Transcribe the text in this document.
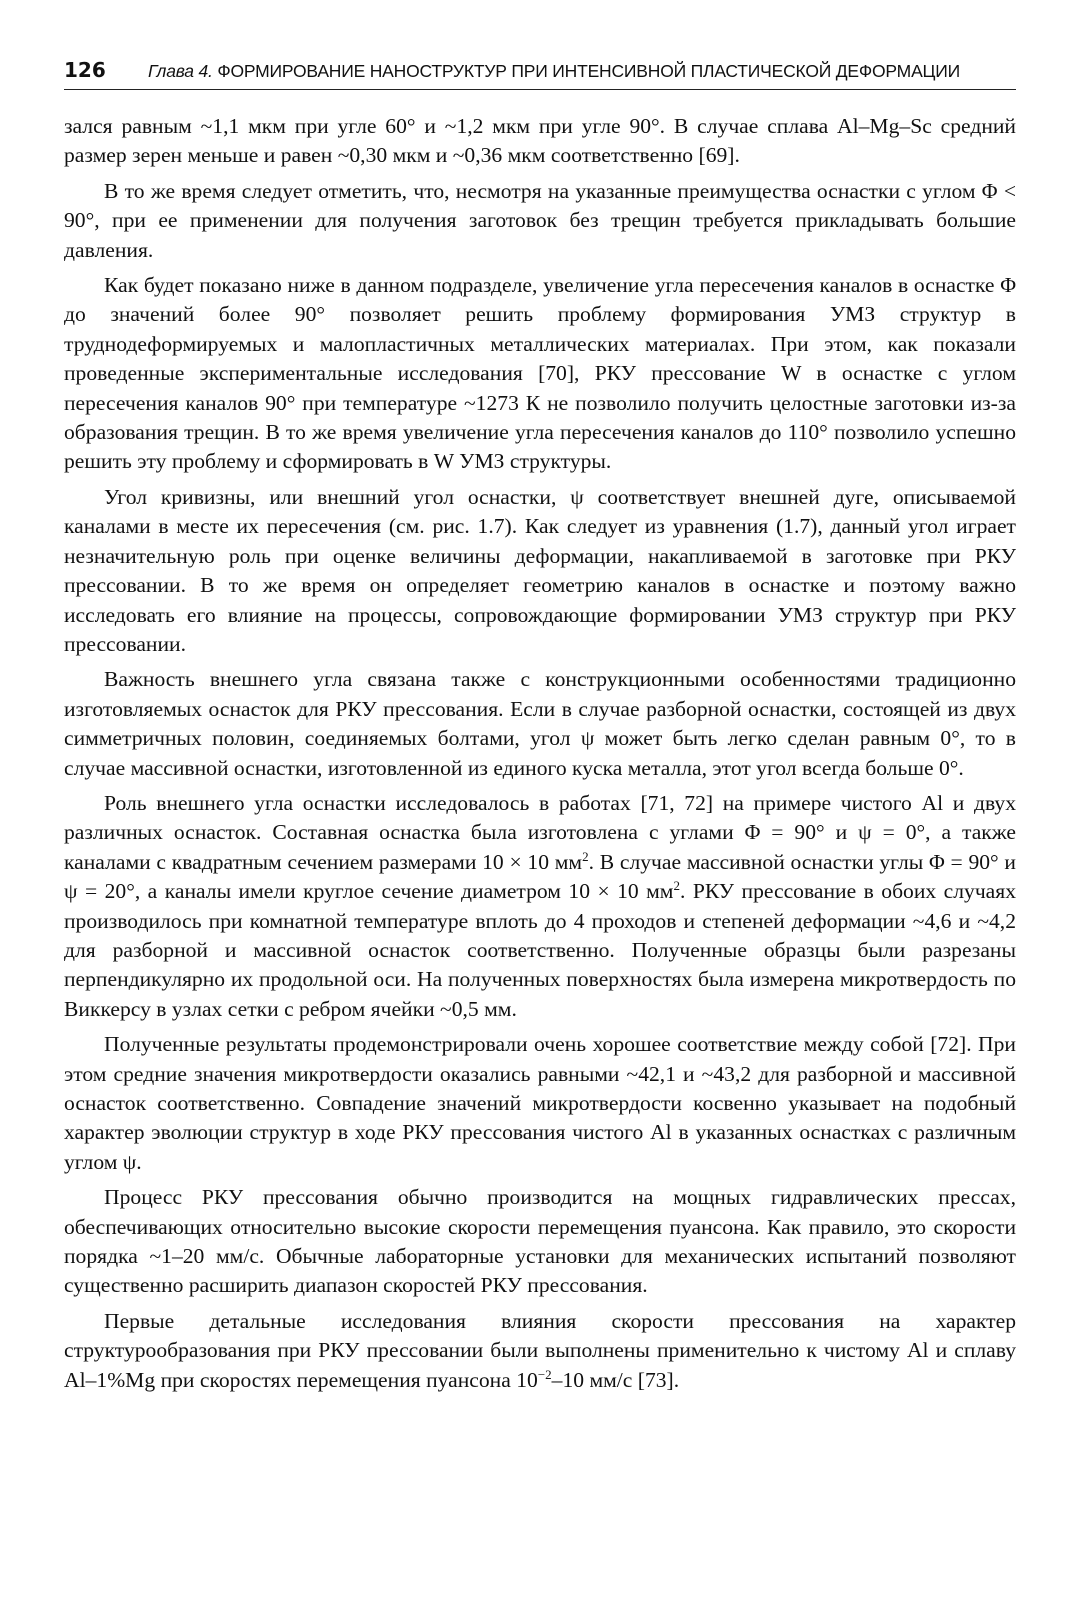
126	Глава 4. ФОРМИРОВАНИЕ НАНОСТРУКТУР ПРИ ИНТЕНСИВНОЙ ПЛАСТИЧЕСКОЙ ДЕФОРМАЦИИ

зался равным ~1,1 мкм при угле 60° и ~1,2 мкм при угле 90°. В случае сплава Al–Mg–Sc средний размер зерен меньше и равен ~0,30 мкм и ~0,36 мкм соответственно [69].

В то же время следует отметить, что, несмотря на указанные преимущества оснастки с углом Φ < 90°, при ее применении для получения заготовок без трещин требуется прикладывать большие давления.

Как будет показано ниже в данном подразделе, увеличение угла пересечения каналов в оснастке Φ до значений более 90° позволяет решить проблему формирования УМЗ структур в труднодеформируемых и малопластичных металлических материалах. При этом, как показали проведенные экспериментальные исследования [70], РКУ прессование W в оснастке с углом пересечения каналов 90° при температуре ~1273 К не позволило получить целостные заготовки из-за образования трещин. В то же время увеличение угла пересечения каналов до 110° позволило успешно решить эту проблему и сформировать в W УМЗ структуры.

Угол кривизны, или внешний угол оснастки, ψ соответствует внешней дуге, описываемой каналами в месте их пересечения (см. рис. 1.7). Как следует из уравнения (1.7), данный угол играет незначительную роль при оценке величины деформации, накапливаемой в заготовке при РКУ прессовании. В то же время он определяет геометрию каналов в оснастке и поэтому важно исследовать его влияние на процессы, сопровождающие формировании УМЗ структур при РКУ прессовании.

Важность внешнего угла связана также с конструкционными особенностями традиционно изготовляемых оснасток для РКУ прессования. Если в случае разборной оснастки, состоящей из двух симметричных половин, соединяемых болтами, угол ψ может быть легко сделан равным 0°, то в случае массивной оснастки, изготовленной из единого куска металла, этот угол всегда больше 0°.

Роль внешнего угла оснастки исследовалось в работах [71, 72] на примере чистого Al и двух различных оснасток. Составная оснастка была изготовлена с углами Φ = 90° и ψ = 0°, а также каналами с квадратным сечением размерами 10 × 10 $мм^2$. В случае массивной оснастки углы Φ = 90° и ψ = 20°, а каналы имели круглое сечение диаметром 10 × 10 $мм^2$. РКУ прессование в обоих случаях производилось при комнатной температуре вплоть до 4 проходов и степеней деформации ~4,6 и ~4,2 для разборной и массивной оснасток соответственно. Полученные образцы были разрезаны перпендикулярно их продольной оси. На полученных поверхностях была измерена микротвердость по Виккерсу в узлах сетки с ребром ячейки ~0,5 мм.

Полученные результаты продемонстрировали очень хорошее соответствие между собой [72]. При этом средние значения микротвердости оказались равными ~42,1 и ~43,2 для разборной и массивной оснасток соответственно. Совпадение значений микротвердости косвенно указывает на подобный характер эволюции структур в ходе РКУ прессования чистого Al в указанных оснастках с различным углом ψ.

Процесс РКУ прессования обычно производится на мощных гидравлических прессах, обеспечивающих относительно высокие скорости перемещения пуансона. Как правило, это скорости порядка ~1–20 мм/с. Обычные лабораторные установки для механических испытаний позволяют существенно расширить диапазон скоростей РКУ прессования.

Первые детальные исследования влияния скорости прессования на характер структурообразования при РКУ прессовании были выполнены применительно к чистому Al и сплаву Al–1%Mg при скоростях перемещения пуансона $10^{-2}-10$ мм/с [73].
